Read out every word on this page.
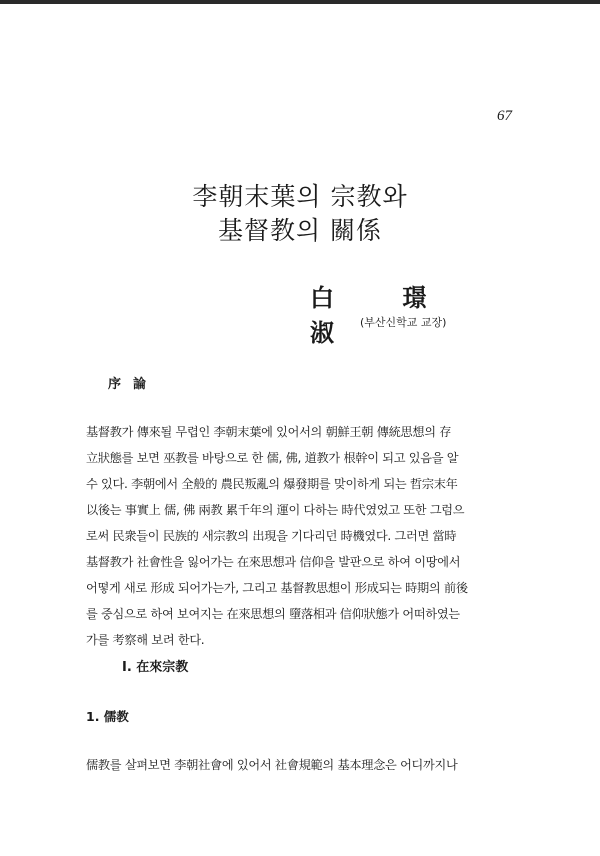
67
李朝末葉의 宗教와
基督教의 關係
白 璟 淑
(부산신학교 교장)
序論
基督教가 傳來될 무렵인 李朝末葉에 있어서의 朝鮮王朝 傳統思想의 存
立狀態를 보면 巫教를 바탕으로 한 儒, 佛, 道教가 根幹이 되고 있음을 알
수 있다. 李朝에서 全般的 農民叛亂의 爆發期를 맞이하게 되는 哲宗末年
以後는 事實上 儒, 佛 兩教 累千年의 運이 다하는 時代였었고 또한 그럼으
로써 民衆들이 民族的 새宗教의 出現을 기다리던 時機였다. 그러면 當時
基督教가 社會性을 잃어가는 在來思想과 信仰을 발판으로 하여 이땅에서
어떻게 새로 形成 되어가는가, 그리고 基督教思想이 形成되는 時期의 前後
를 중심으로 하여 보여지는 在來思想의 墮落相과 信仰狀態가 어떠하였는
가를 考察해 보려 한다.
Ⅰ. 在來宗教
1. 儒教
儒教를 살펴보면 李朝社會에 있어서 社會規範의 基本理念은 어디까지나
